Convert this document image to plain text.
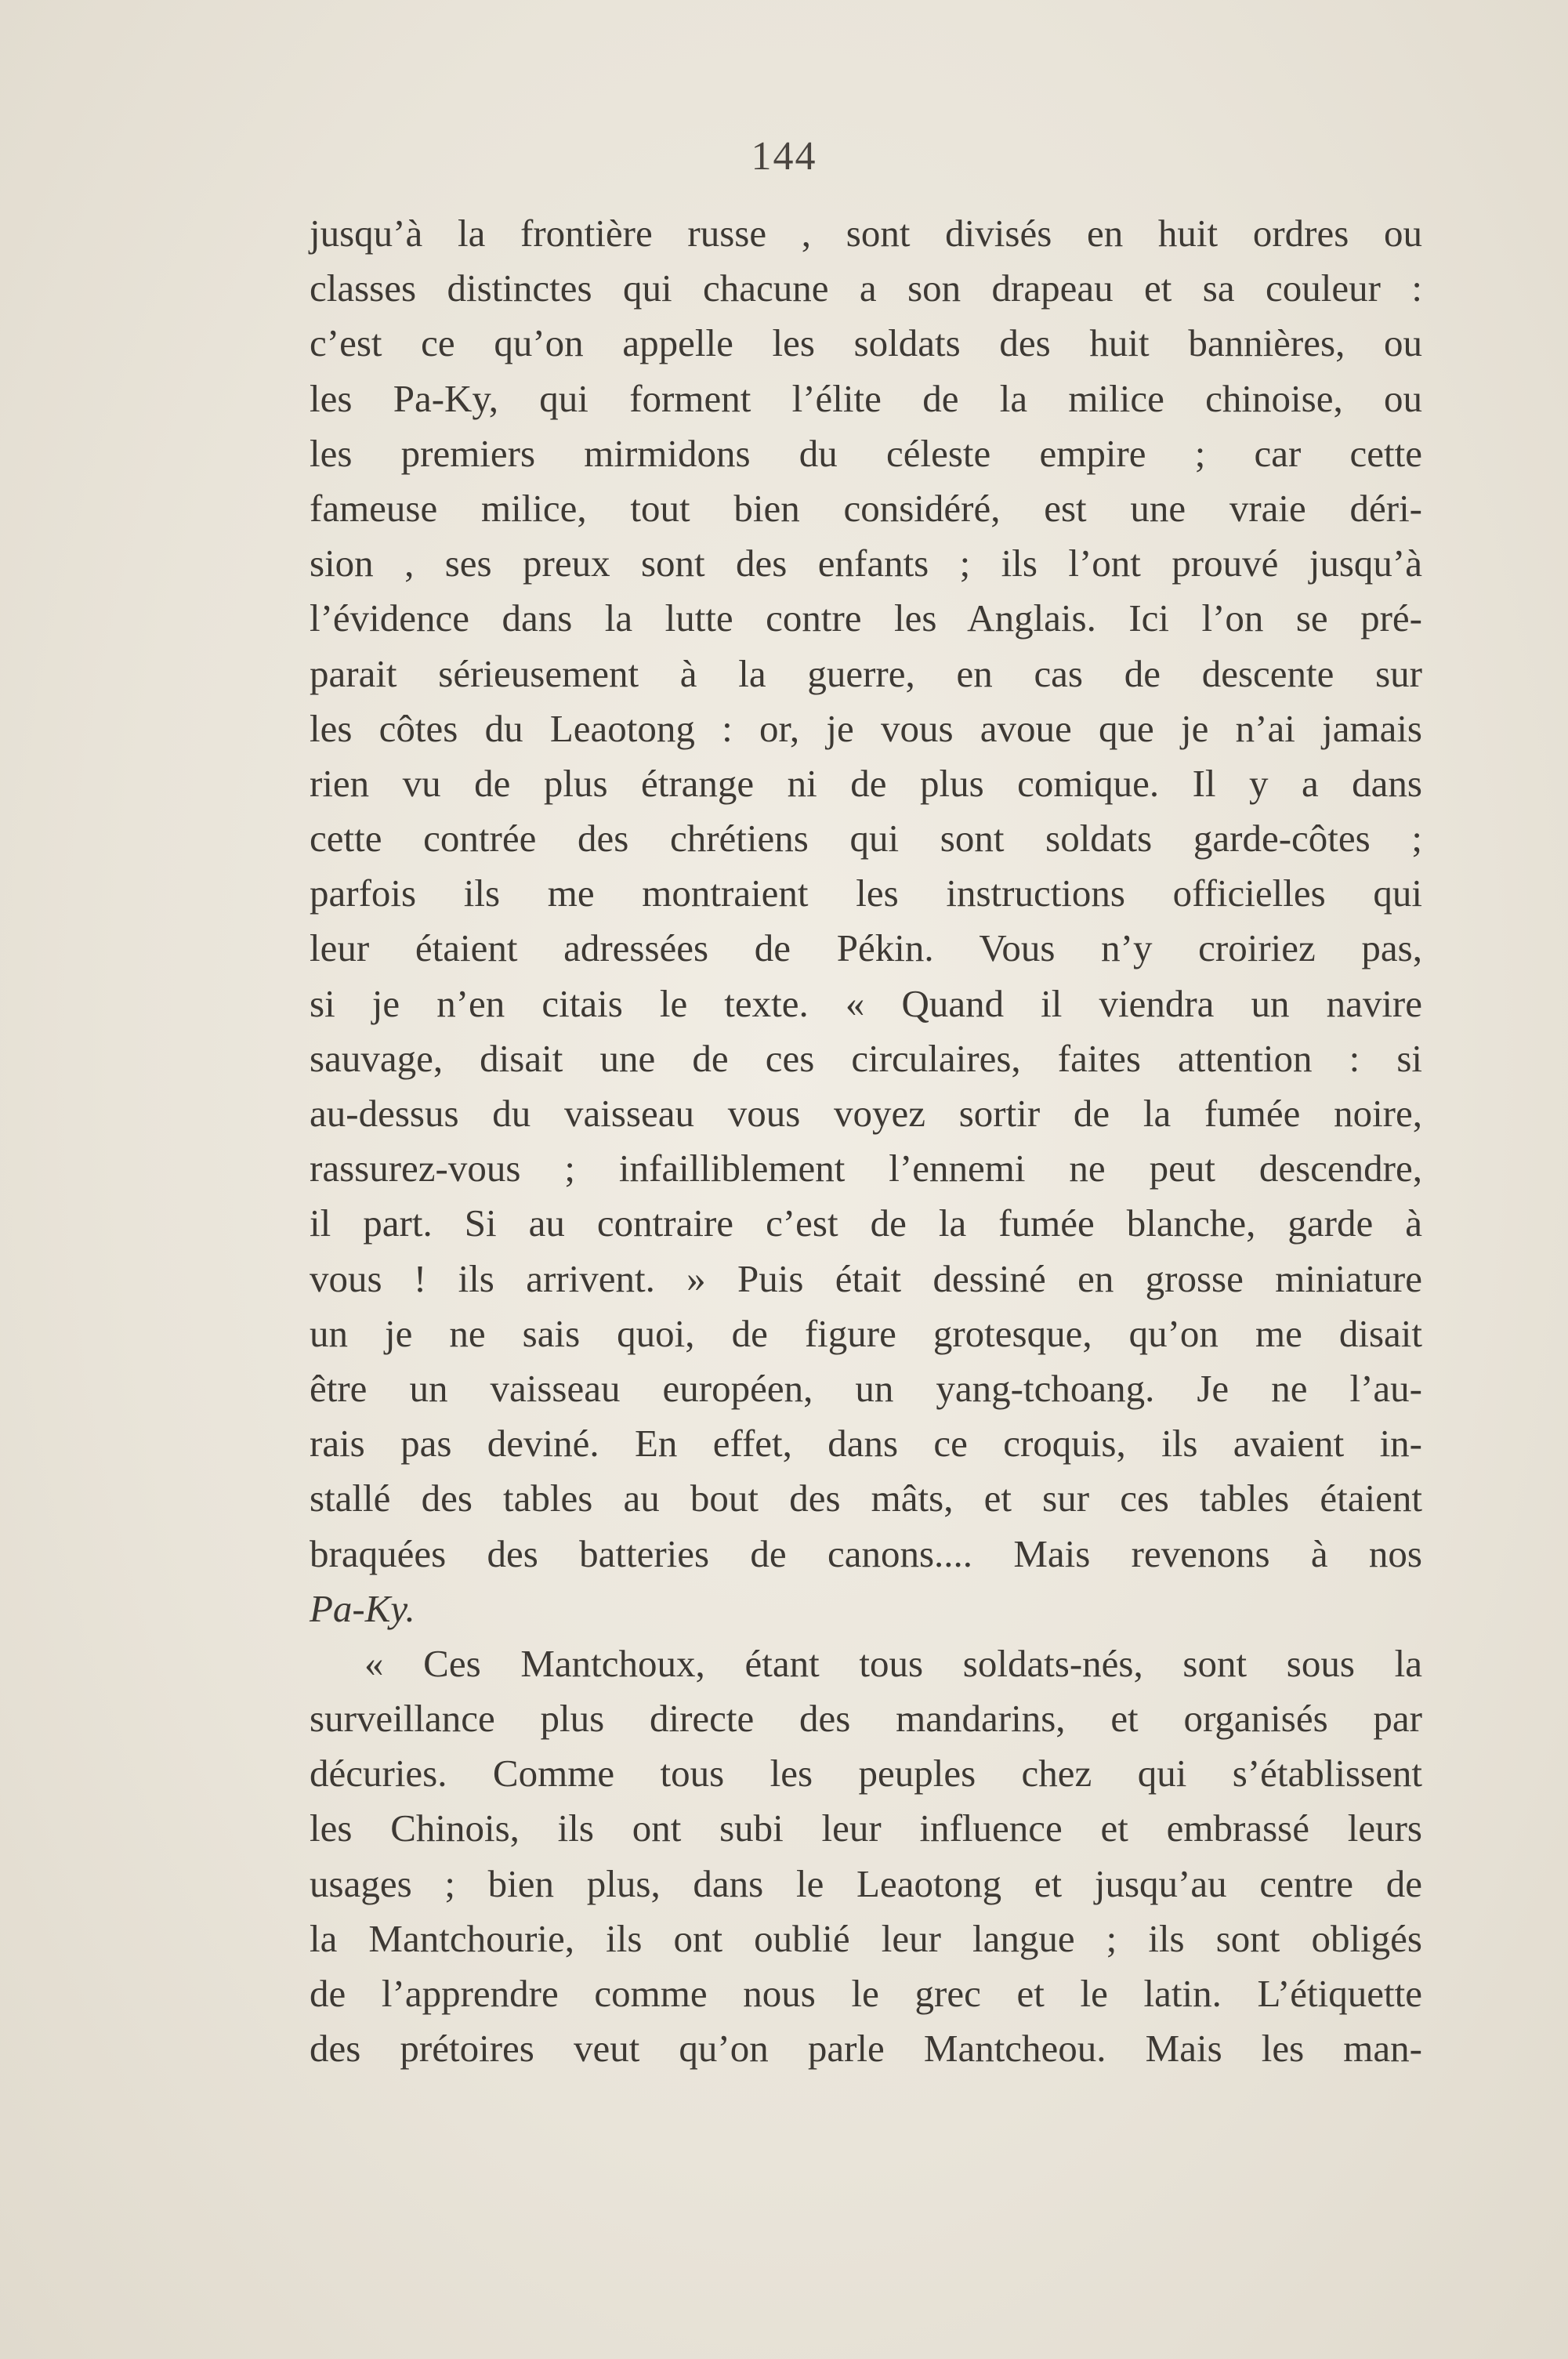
144
jusqu’à la frontière russe , sont divisés en huit ordres ou
classes distinctes qui chacune a son drapeau et sa couleur :
c’est ce qu’on appelle les soldats des huit bannières, ou
les Pa-Ky, qui forment l’élite de la milice chinoise, ou
les premiers mirmidons du céleste empire ; car cette
fameuse milice, tout bien considéré, est une vraie déri-
sion , ses preux sont des enfants ; ils l’ont prouvé jusqu’à
l’évidence dans la lutte contre les Anglais. Ici l’on se pré-
parait sérieusement à la guerre, en cas de descente sur
les côtes du Leaotong : or, je vous avoue que je n’ai jamais
rien vu de plus étrange ni de plus comique. Il y a dans
cette contrée des chrétiens qui sont soldats garde-côtes ;
parfois ils me montraient les instructions officielles qui
leur étaient adressées de Pékin. Vous n’y croiriez pas,
si je n’en citais le texte. « Quand il viendra un navire
sauvage, disait une de ces circulaires, faites attention : si
au-dessus du vaisseau vous voyez sortir de la fumée noire,
rassurez-vous ; infailliblement l’ennemi ne peut descendre,
il part. Si au contraire c’est de la fumée blanche, garde à
vous ! ils arrivent. » Puis était dessiné en grosse miniature
un je ne sais quoi, de figure grotesque, qu’on me disait
être un vaisseau européen, un yang-tchoang. Je ne l’au-
rais pas deviné. En effet, dans ce croquis, ils avaient in-
stallé des tables au bout des mâts, et sur ces tables étaient
braquées des batteries de canons.... Mais revenons à nos
Pa-Ky.
« Ces Mantchoux, étant tous soldats-nés, sont sous la
surveillance plus directe des mandarins, et organisés par
décuries. Comme tous les peuples chez qui s’établissent
les Chinois, ils ont subi leur influence et embrassé leurs
usages ; bien plus, dans le Leaotong et jusqu’au centre de
la Mantchourie, ils ont oublié leur langue ; ils sont obligés
de l’apprendre comme nous le grec et le latin. L’étiquette
des prétoires veut qu’on parle Mantcheou. Mais les man-
